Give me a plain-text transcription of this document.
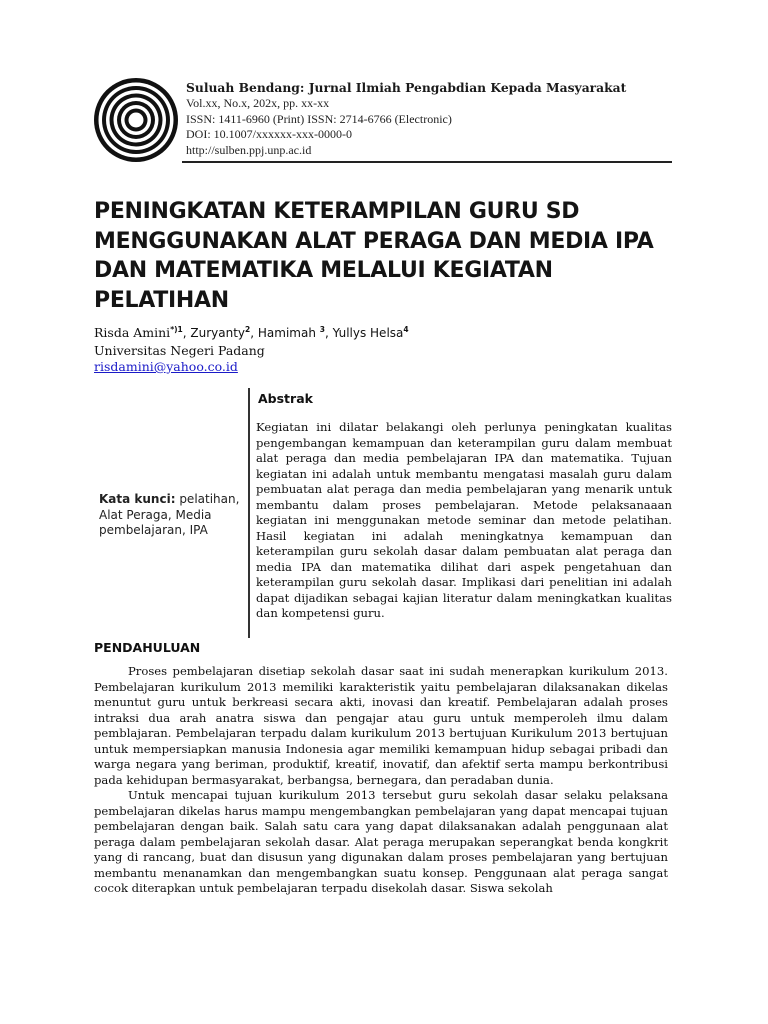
Suluah Bendang: Jurnal Ilmiah Pengabdian Kepada Masyarakat
Vol.xx, No.x, 202x, pp. xx-xx
ISSN: 1411-6960 (Print) ISSN: 2714-6766 (Electronic)
DOI: 10.1007/xxxxxx-xxx-0000-0
http://sulben.ppj.unp.ac.id
PENINGKATAN KETERAMPILAN GURU SD
MENGGUNAKAN ALAT PERAGA DAN MEDIA IPA
DAN MATEMATIKA MELALUI KEGIATAN
PELATIHAN
Risda Amini$^{*)1}$, Zuryanty$^2$, Hamimah $^3$, Yullys Helsa$^4$
Universitas Negeri Padang
risdamini@yahoo.co.id
Abstrak

Kegiatan ini dilatar belakangi oleh perlunya peningkatan kualitas pengembangan kemampuan dan keterampilan guru dalam membuat alat peraga dan media pembelajaran IPA dan matematika. Tujuan kegiatan ini adalah untuk membantu mengatasi masalah guru dalam pembuatan alat peraga dan media pembelajaran yang menarik untuk membantu dalam proses pembelajaran. Metode pelaksanaaan kegiatan ini menggunakan metode seminar dan metode pelatihan. Hasil kegiatan ini adalah meningkatnya kemampuan dan keterampilan guru sekolah dasar dalam pembuatan alat peraga dan media IPA dan matematika dilihat dari aspek pengetahuan dan keterampilan guru sekolah dasar. Implikasi dari penelitian ini adalah dapat dijadikan sebagai kajian literatur dalam meningkatkan kualitas dan kompetensi guru.

Kata kunci: pelatihan, Alat Peraga, Media pembelajaran, IPA
PENDAHULUAN

Proses pembelajaran disetiap sekolah dasar saat ini sudah menerapkan kurikulum 2013. Pembelajaran kurikulum 2013 memiliki karakteristik yaitu pembelajaran dilaksanakan dikelas menuntut guru untuk berkreasi secara akti, inovasi dan kreatif. Pembelajaran adalah proses intraksi dua arah anatra siswa dan pengajar atau guru untuk memperoleh ilmu dalam pemblajaran. Pembelajaran terpadu dalam kurikulum 2013 bertujuan Kurikulum 2013 bertujuan untuk mempersiapkan manusia Indonesia agar memiliki kemampuan hidup sebagai pribadi dan warga negara yang beriman, produktif, kreatif, inovatif, dan afektif serta mampu berkontribusi pada kehidupan bermasyarakat, berbangsa, bernegara, dan peradaban dunia.

Untuk mencapai tujuan kurikulum 2013 tersebut guru sekolah dasar selaku pelaksana pembelajaran dikelas harus mampu mengembangkan pembelajaran yang dapat mencapai tujuan pembelajaran dengan baik. Salah satu cara yang dapat dilaksanakan adalah penggunaan alat peraga dalam pembelajaran sekolah dasar. Alat peraga merupakan seperangkat benda kongkrit yang di rancang, buat dan disusun yang digunakan dalam proses pembelajaran yang bertujuan membantu menanamkan dan mengembangkan suatu konsep. Penggunaan alat peraga sangat cocok diterapkan untuk pembelajaran terpadu disekolah dasar. Siswa sekolah
